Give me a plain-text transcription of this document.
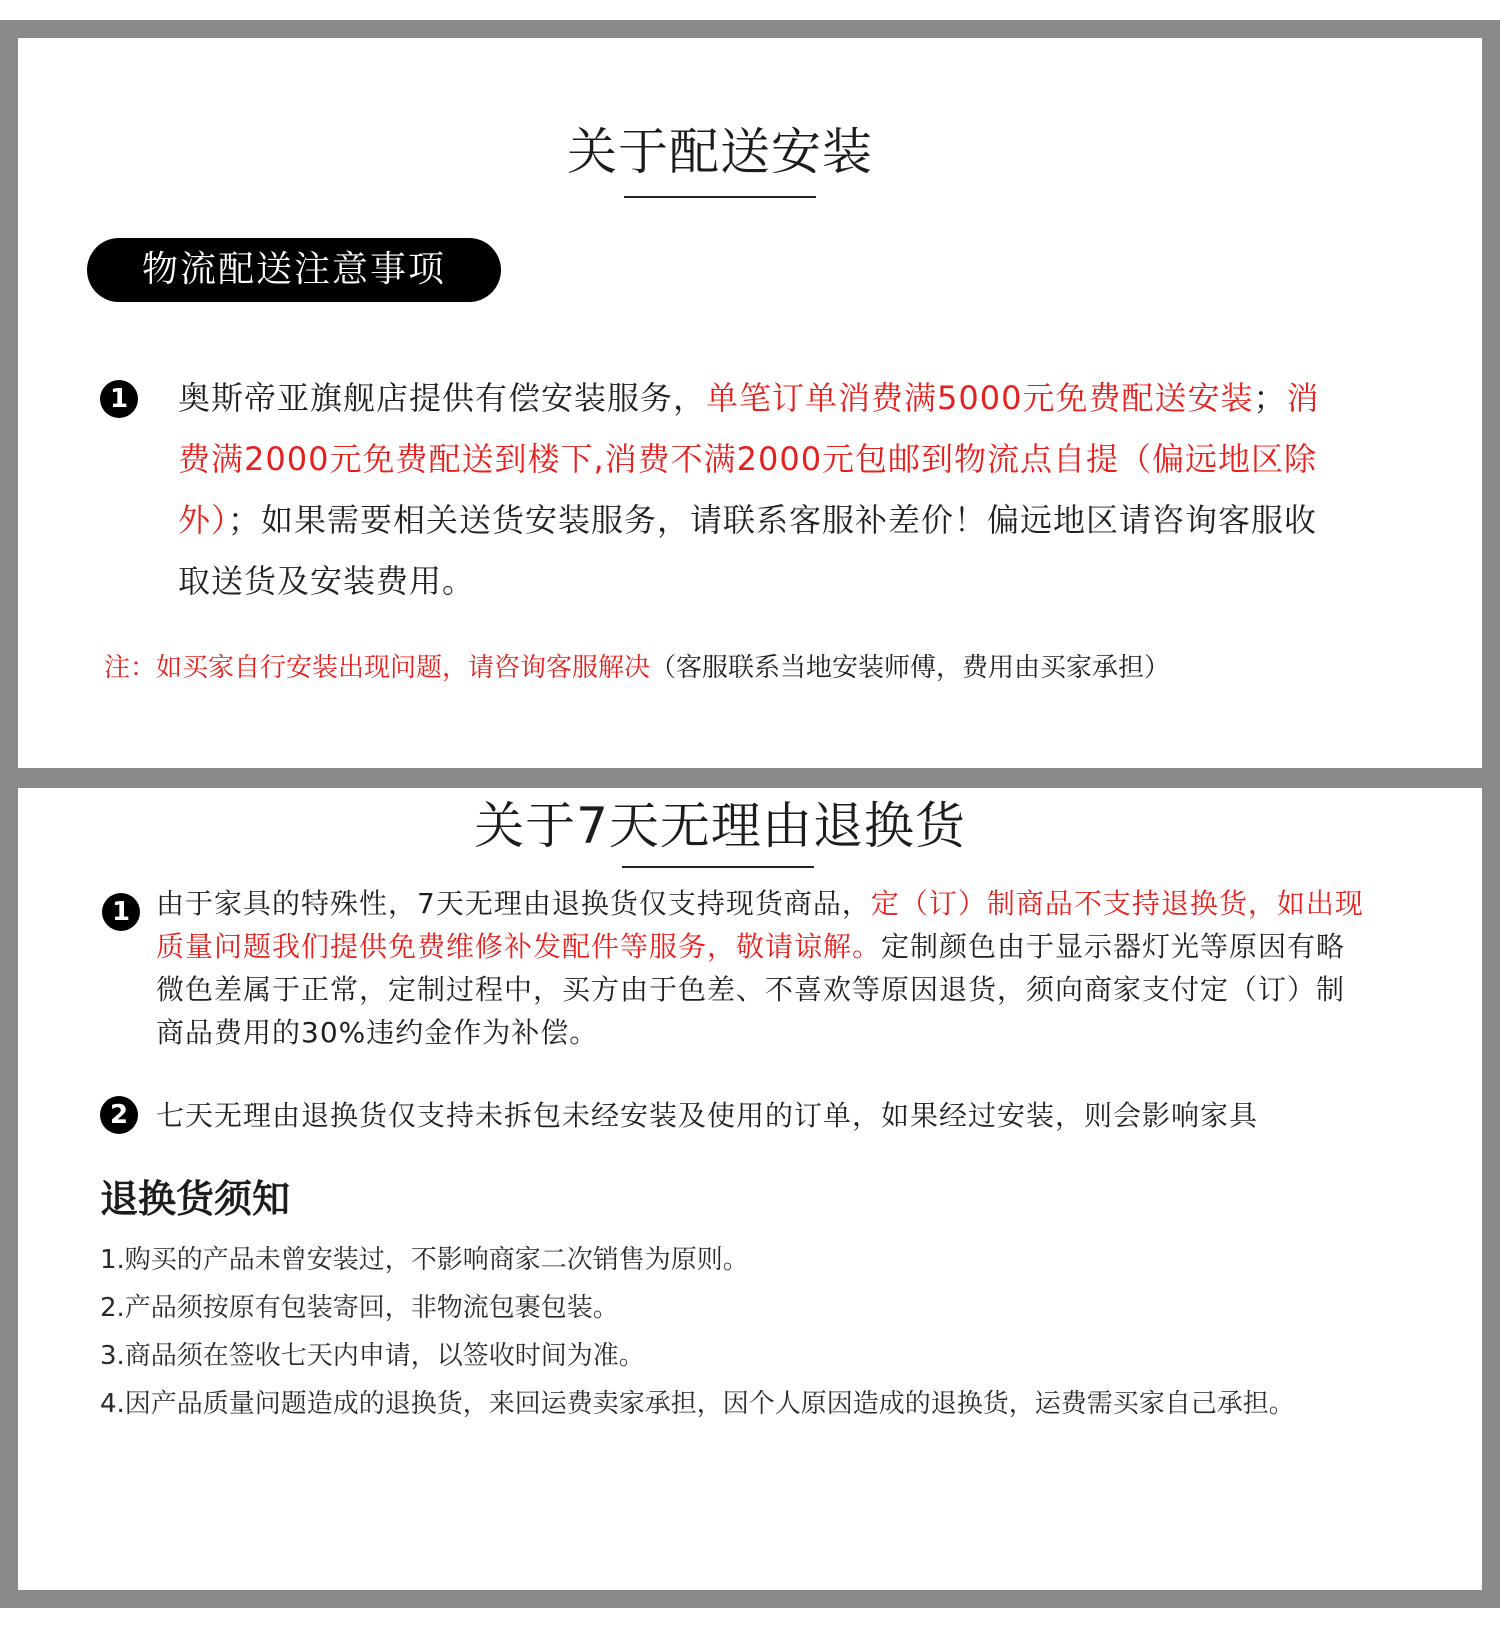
关于配送安装
物流配送注意事项
1	奥斯帝亚旗舰店提供有偿安装服务，单笔订单消费满5000元免费配送安装；消费满2000元免费配送到楼下,消费不满2000元包邮到物流点自提（偏远地区除外）；如果需要相关送货安装服务，请联系客服补差价！偏远地区请咨询客服收取送货及安装费用。

注：如买家自行安装出现问题，请咨询客服解决（客服联系当地安装师傅，费用由买家承担）

关于7天无理由退换货
1 由于家具的特殊性，7天无理由退换货仅支持现货商品，定（订）制商品不支持退换货，如出现质量问题我们提供免费维修补发配件等服务，敬请谅解。定制颜色由于显示器灯光等原因有略微色差属于正常，定制过程中，买方由于色差、不喜欢等原因退货，须向商家支付定（订）制商品费用的30%违约金作为补偿。

2 七天无理由退换货仅支持未拆包未经安装及使用的订单，如果经过安装，则会影响家具

退换货须知
1.购买的产品未曾安装过，不影响商家二次销售为原则。
2.产品须按原有包装寄回，非物流包裹包装。
3.商品须在签收七天内申请，以签收时间为准。
4.因产品质量问题造成的退换货，来回运费卖家承担，因个人原因造成的退换货，运费需买家自己承担。
